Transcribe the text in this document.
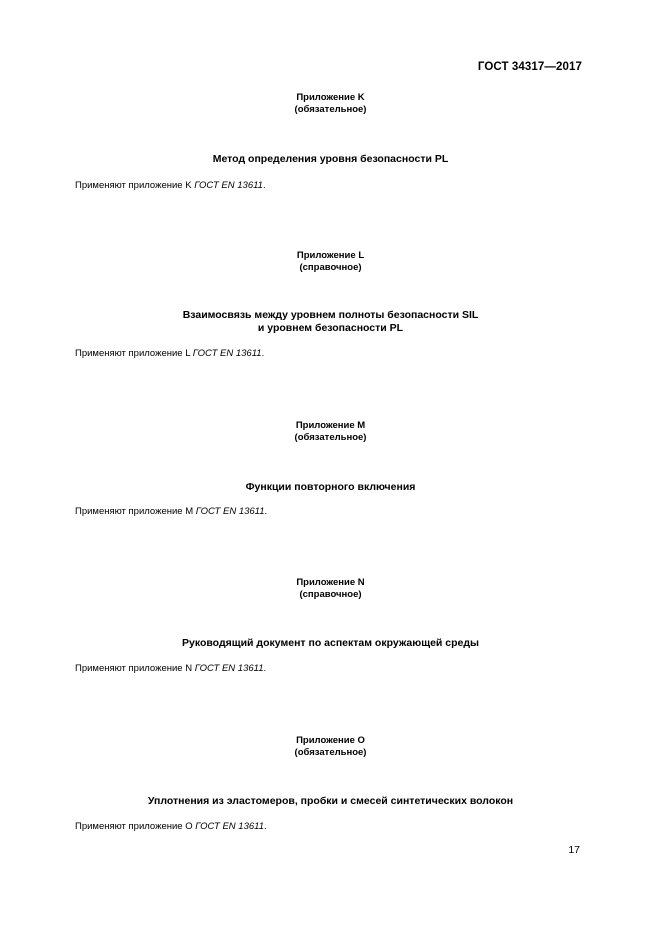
ГОСТ 34317—2017
Приложение K
(обязательное)
Метод определения уровня безопасности PL
Применяют приложение K ГОСТ EN 13611.
Приложение L
(справочное)
Взаимосвязь между уровнем полноты безопасности SIL
и уровнем безопасности PL
Применяют приложение L ГОСТ EN 13611.
Приложение M
(обязательное)
Функции повторного включения
Применяют приложение M ГОСТ EN 13611.
Приложение N
(справочное)
Руководящий документ по аспектам окружающей среды
Применяют приложение N ГОСТ EN 13611.
Приложение O
(обязательное)
Уплотнения из эластомеров, пробки и смесей синтетических волокон
Применяют приложение O ГОСТ EN 13611.
17
